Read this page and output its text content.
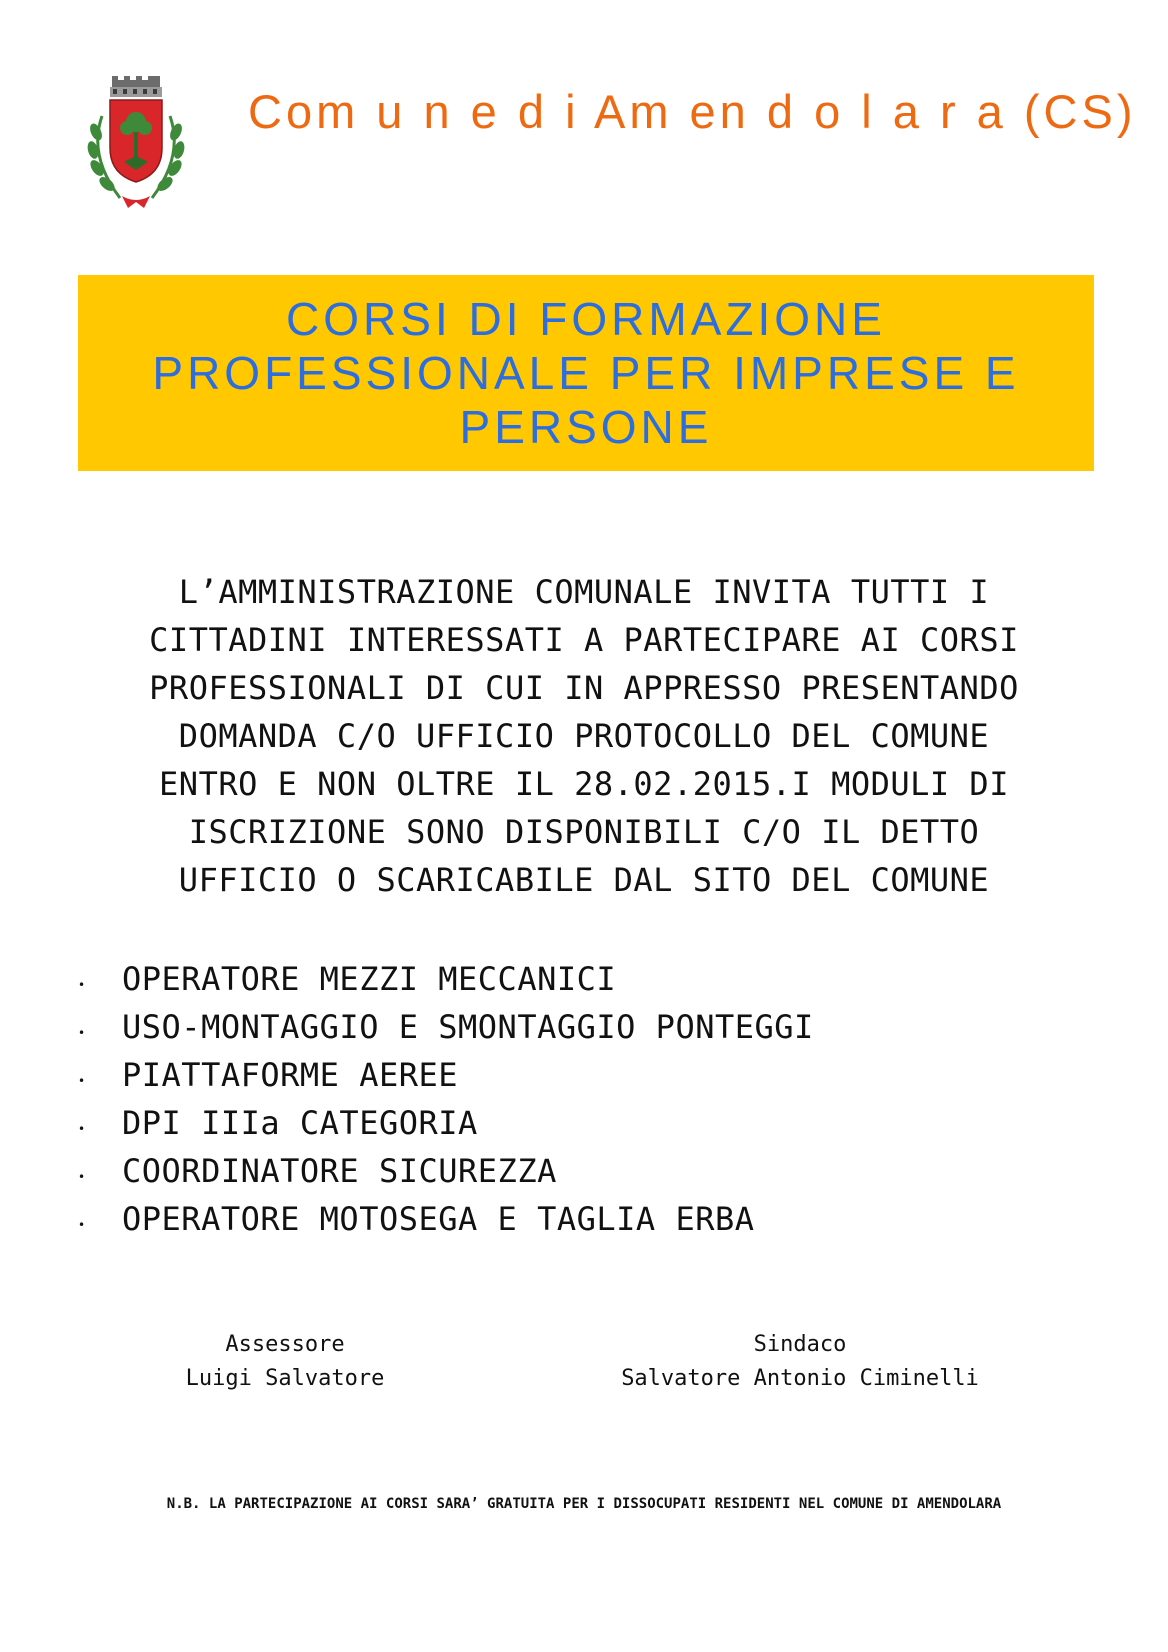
Com u n e d i Am en d o l a r a (CS)
CORSI DI FORMAZIONE
PROFESSIONALE PER IMPRESE E
PERSONE
L’AMMINISTRAZIONE COMUNALE INVITA TUTTI I
CITTADINI INTERESSATI A PARTECIPARE AI CORSI
PROFESSIONALI DI CUI IN APPRESSO PRESENTANDO
DOMANDA C/O UFFICIO PROTOCOLLO DEL COMUNE
ENTRO E NON OLTRE IL 28.02.2015.I MODULI DI
ISCRIZIONE SONO DISPONIBILI C/O IL DETTO
UFFICIO O SCARICABILE DAL SITO DEL COMUNE
•	OPERATORE MEZZI MECCANICI
•	USO-MONTAGGIO E SMONTAGGIO PONTEGGI
•	PIATTAFORME AEREE
•	DPI IIIa CATEGORIA
•	COORDINATORE SICUREZZA
•	OPERATORE MOTOSEGA E TAGLIA ERBA
Assessore
Luigi Salvatore
Sindaco
Salvatore Antonio Ciminelli
N.B. LA PARTECIPAZIONE AI CORSI SARA’ GRATUITA PER I DISSOCUPATI RESIDENTI NEL COMUNE DI AMENDOLARA
